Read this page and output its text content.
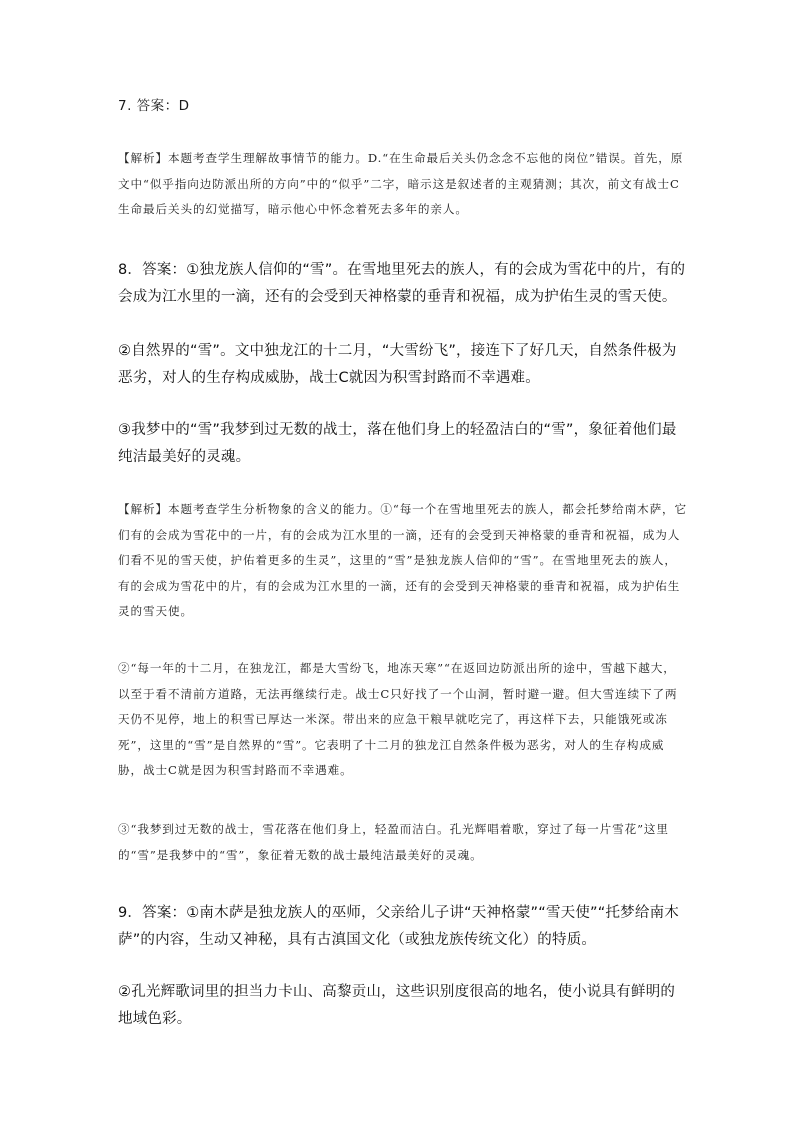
7. 答案：D

【解析】本题考查学生理解故事情节的能力。D.“在生命最后关头仍念念不忘他的岗位”错误。首先，原文中“似乎指向边防派出所的方向”中的“似乎”二字，暗示这是叙述者的主观猜测；其次，前文有战士C生命最后关头的幻觉描写，暗示他心中怀念着死去多年的亲人。

8．答案：①独龙族人信仰的“雪”。在雪地里死去的族人，有的会成为雪花中的片，有的会成为江水里的一滴，还有的会受到天神格蒙的垂青和祝福，成为护佑生灵的雪天使。

②自然界的“雪”。文中独龙江的十二月，“大雪纷飞”，接连下了好几天，自然条件极为恶劣，对人的生存构成威胁，战士C就因为积雪封路而不幸遇难。

③我梦中的“雪”我梦到过无数的战士，落在他们身上的轻盈洁白的“雪”，象征着他们最纯洁最美好的灵魂。

【解析】本题考查学生分析物象的含义的能力。①“每一个在雪地里死去的族人，都会托梦给南木萨，它们有的会成为雪花中的一片，有的会成为江水里的一滴，还有的会受到天神格蒙的垂青和祝福，成为人们看不见的雪天使，护佑着更多的生灵”，这里的“雪”是独龙族人信仰的“雪”。在雪地里死去的族人，有的会成为雪花中的片，有的会成为江水里的一滴，还有的会受到天神格蒙的垂青和祝福，成为护佑生灵的雪天使。

②“每一年的十二月，在独龙江，都是大雪纷飞，地冻天寒”“在返回边防派出所的途中，雪越下越大，以至于看不清前方道路，无法再继续行走。战士C只好找了一个山洞，暂时避一避。但大雪连续下了两天仍不见停，地上的积雪已厚达一米深。带出来的应急干粮早就吃完了，再这样下去，只能饿死或冻死”，这里的“雪”是自然界的“雪”。它表明了十二月的独龙江自然条件极为恶劣，对人的生存构成威胁，战士C就是因为积雪封路而不幸遇难。

③“我梦到过无数的战士，雪花落在他们身上，轻盈而洁白。孔光辉唱着歌，穿过了每一片雪花”这里的“雪”是我梦中的“雪”，象征着无数的战士最纯洁最美好的灵魂。

9．答案：①南木萨是独龙族人的巫师，父亲给儿子讲“天神格蒙”“雪天使”“托梦给南木萨”的内容，生动又神秘，具有古滇国文化（或独龙族传统文化）的特质。

②孔光辉歌词里的担当力卡山、高黎贡山，这些识别度很高的地名，使小说具有鲜明的地域色彩。
